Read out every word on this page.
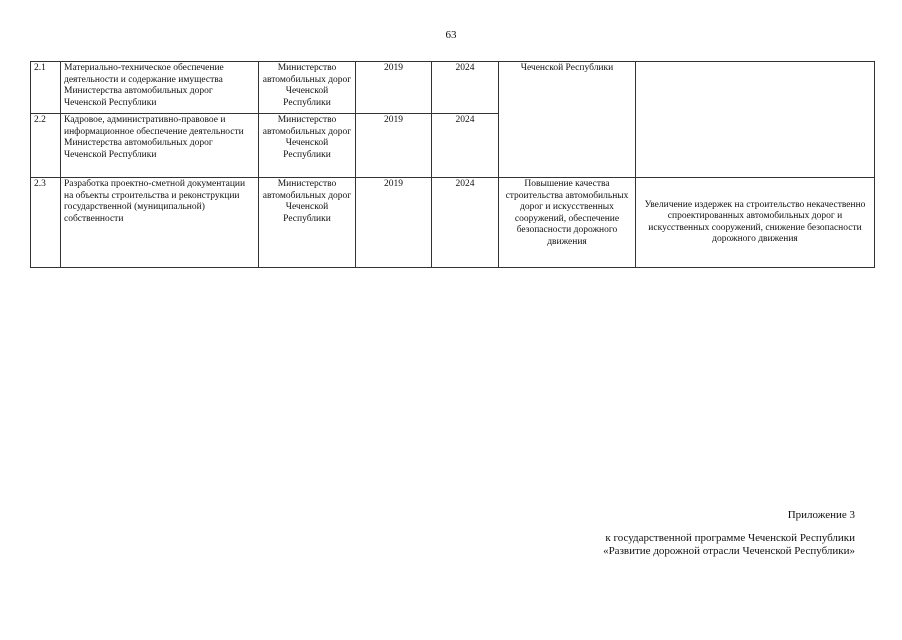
63
2.1	Материально-техническое обеспечение деятельности и содержание имущества Министерства автомобильных дорог Чеченской Республики	Министерство автомобильных дорог Чеченской Республики	2019	2024	Чеченской Республики	
2.2	Кадровое, административно-правовое и информационное обеспечение деятельности Министерства автомобильных дорог Чеченской Республики	Министерство автомобильных дорог Чеченской Республики	2019	2024		
2.3	Разработка проектно-сметной документации на объекты строительства и реконструкции государственной (муниципальной) собственности	Министерство автомобильных дорог Чеченской Республики	2019	2024	Повышение качества строительства автомобильных дорог и искусственных сооружений, обеспечение безопасности дорожного движения	Увеличение издержек на строительство некачественно спроектированных автомобильных дорог и искусственных сооружений, снижение безопасности дорожного движения
Приложение 3
к государственной программе Чеченской Республики
«Развитие дорожной отрасли Чеченской Республики»
